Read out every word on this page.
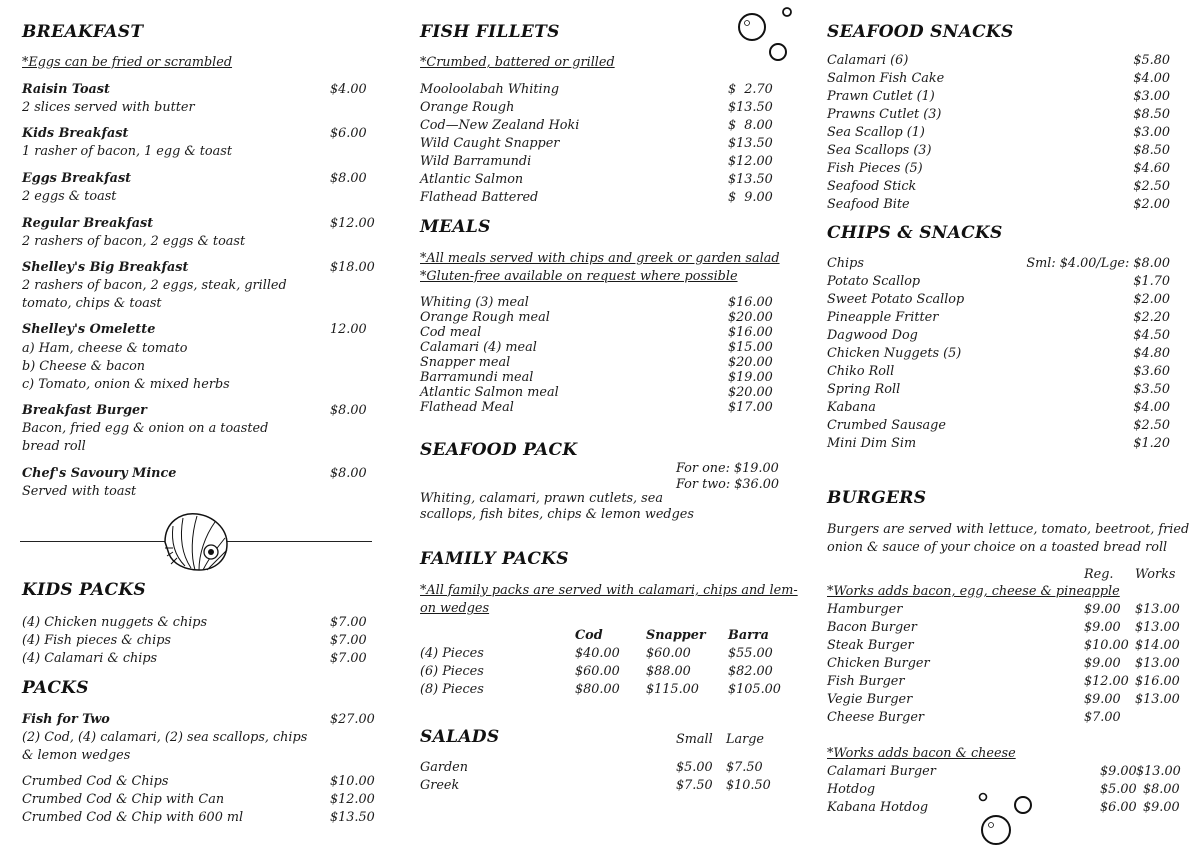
BREAKFAST
*Eggs can be fried or scrambled
Raisin Toast	$4.00
2 slices served with butter
Kids Breakfast	$6.00
1 rasher of bacon, 1 egg & toast
Eggs Breakfast	$8.00
2 eggs & toast
Regular Breakfast	$12.00
2 rashers of bacon, 2 eggs & toast
Shelley's Big Breakfast	$18.00
2 rashers of bacon, 2 eggs, steak, grilled
tomato, chips & toast
Shelley's Omelette	12.00
a) Ham, cheese & tomato
b) Cheese & bacon
c) Tomato, onion & mixed herbs
Breakfast Burger	$8.00
Bacon, fried egg & onion on a toasted
bread roll
Chef's Savoury Mince	$8.00
Served with toast
KIDS PACKS
(4) Chicken nuggets & chips	$7.00
(4) Fish pieces & chips	$7.00
(4) Calamari & chips	$7.00
PACKS
Fish for Two	$27.00
(2) Cod, (4) calamari, (2) sea scallops, chips
& lemon wedges
Crumbed Cod & Chips	$10.00
Crumbed Cod & Chip with Can	$12.00
Crumbed Cod & Chip with 600 ml	$13.50
FISH FILLETS
*Crumbed, battered or grilled
Mooloolabah Whiting	$  2.70
Orange Rough	$13.50
Cod—New Zealand Hoki	$  8.00
Wild Caught Snapper	$13.50
Wild Barramundi	$12.00
Atlantic Salmon	$13.50
Flathead Battered	$  9.00
MEALS
*All meals served with chips and greek or garden salad
*Gluten-free available on request where possible
Whiting (3) meal	$16.00
Orange Rough meal	$20.00
Cod meal	$16.00
Calamari (4) meal	$15.00
Snapper meal	$20.00
Barramundi meal	$19.00
Atlantic Salmon meal	$20.00
Flathead Meal	$17.00
SEAFOOD PACK
For one: $19.00
For two: $36.00
Whiting, calamari, prawn cutlets, sea
scallops, fish bites, chips & lemon wedges
FAMILY PACKS
*All family packs are served with calamari, chips and lem-
on wedges
Cod	Snapper Barra
(4) Pieces	$40.00 $60.00	$55.00
(6) Pieces	$60.00 $88.00	$82.00
(8) Pieces	$80.00 $115.00 $105.00
SALADS	Small Large
Garden	$5.00 $7.50
Greek	$7.50 $10.50
SEAFOOD SNACKS
Calamari (6)	$5.80
Salmon Fish Cake	$4.00
Prawn Cutlet (1)	$3.00
Prawns Cutlet (3)	$8.50
Sea Scallop (1)	$3.00
Sea Scallops (3)	$8.50
Fish Pieces (5)	$4.60
Seafood Stick	$2.50
Seafood Bite	$2.00
CHIPS & SNACKS
Chips	Sml: $4.00/Lge: $8.00
Potato Scallop	$1.70
Sweet Potato Scallop	$2.00
Pineapple Fritter	$2.20
Dagwood Dog	$4.50
Chicken Nuggets (5)	$4.80
Chiko Roll	$3.60
Spring Roll	$3.50
Kabana	$4.00
Crumbed Sausage	$2.50
Mini Dim Sim	$1.20
BURGERS
Burgers are served with lettuce, tomato, beetroot, fried
onion & sauce of your choice on a toasted bread roll
Reg. Works
*Works adds bacon, egg, cheese & pineapple
Hamburger	$9.00 $13.00
Bacon Burger	$9.00 $13.00
Steak Burger	$10.00 $14.00
Chicken Burger	$9.00 $13.00
Fish Burger	$12.00 $16.00
Vegie Burger	$9.00 $13.00
Cheese Burger	$7.00
*Works adds bacon & cheese
Calamari Burger	$9.00 $13.00
Hotdog	$5.00 $8.00
Kabana Hotdog	$6.00 $9.00
